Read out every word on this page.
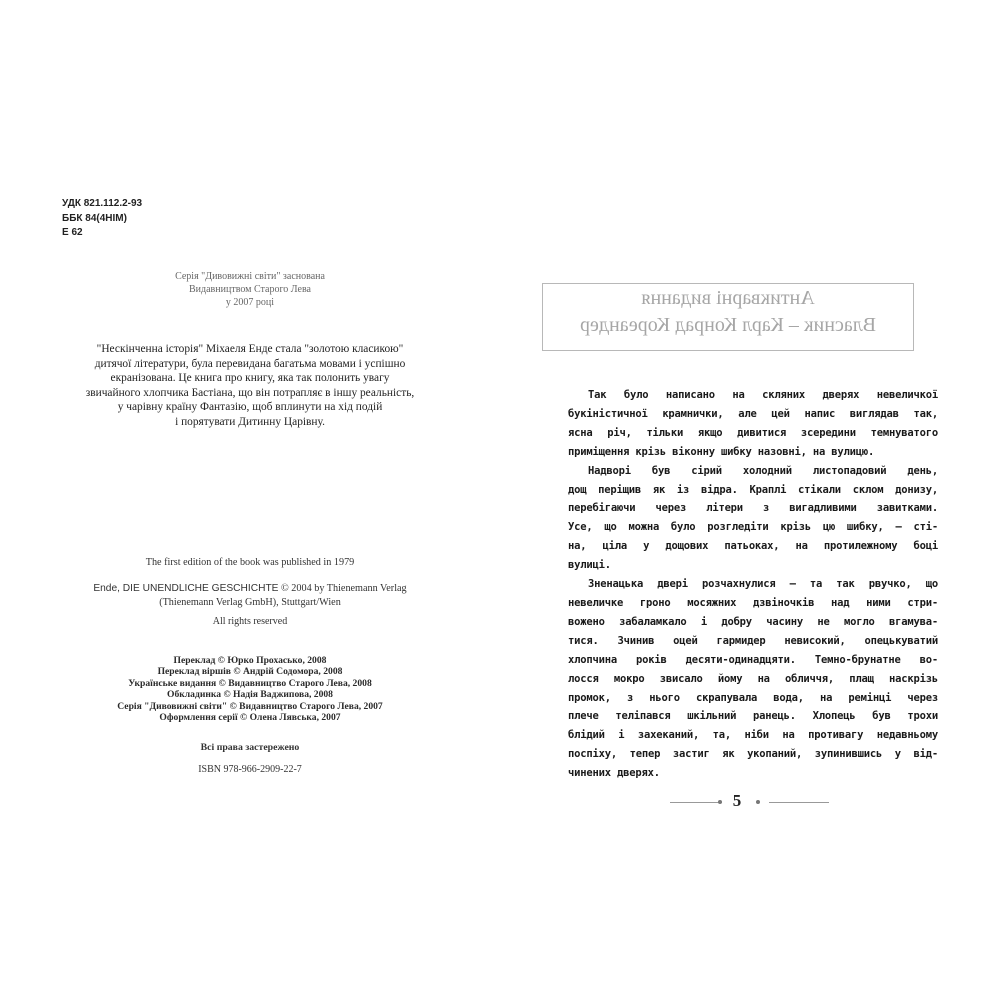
УДК 821.112.2-93
ББК 84(4НІМ)
Е 62
Серія "Дивовижні світи" заснована
Видавництвом Старого Лева
у 2007 році
"Нескінченна історія" Міхаеля Енде стала "золотою класикою"
дитячої літератури, була перевидана багатьма мовами і успішно
екранізована. Це книга про книгу, яка так полонить увагу
звичайного хлопчика Бастіана, що він потрапляє в іншу реальність,
у чарівну країну Фантазію, щоб вплинути на хід подій
і порятувати Дитинну Царівну.
The first edition of the book was published in 1979
Ende, DIE UNENDLICHE GESCHICHTE © 2004 by Thienemann Verlag
(Thienemann Verlag GmbH), Stuttgart/Wien
All rights reserved
Переклад © Юрко Прохасько, 2008
Переклад віршів © Андрій Содомора, 2008
Українське видання © Видавництво Старого Лева, 2008
Обкладинка © Надія Ваджипова, 2008
Серія "Дивовижні світи" © Видавництво Старого Лева, 2007
Оформлення серії © Олена Лявська, 2007
Всі права застережено
ISBN 978-966-2909-22-7
Антикварні видання
Власник – Карл Конрад Кореандер
Так було написано на скляних дверях невеличкої
букіністичної крамнички, але цей напис виглядав так,
ясна річ, тільки якщо дивитися зсередини темнуватого
приміщення крізь віконну шибку назовні, на вулицю.
Надворі був сірий холодний листопадовий день,
дощ періщив як із відра. Краплі стікали склом донизу,
перебігаючи через літери з вигадливими завитками.
Усе, що можна було розгледіти крізь цю шибку, – сті-
на, ціла у дощових патьоках, на протилежному боці
вулиці.
Зненацька двері розчахнулися – та так рвучко, що
невеличке гроно мосяжних дзвіночків над ними стри-
вожено забаламкало і добру часину не могло вгамува-
тися. Зчинив оцей гармидер невисокий, опецькуватий
хлопчина років десяти-одинадцяти. Темно-брунатне во-
лосся мокро звисало йому на обличчя, плащ наскрізь
промок, з нього скрапувала вода, на ремінці через
плече теліпався шкільний ранець. Хлопець був трохи
блідий і захеканий, та, ніби на противагу недавньому
поспіху, тепер застиг як укопаний, зупинившись у від-
чинених дверях.
5
